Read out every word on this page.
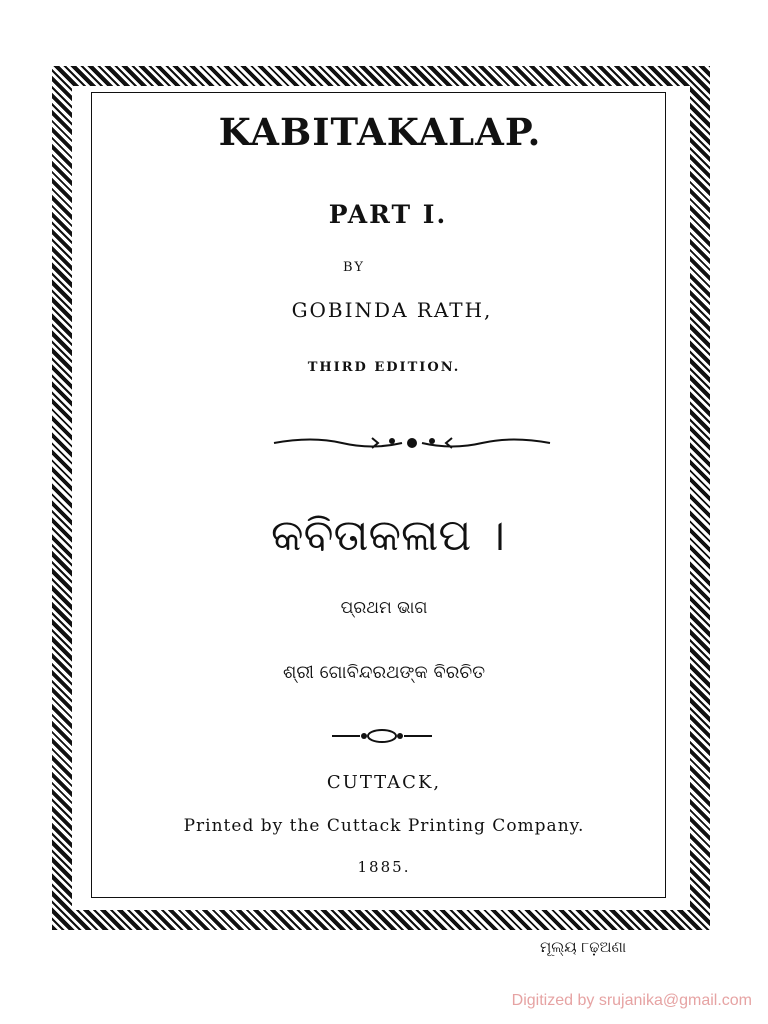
KABITAKALAP.
PART I.
BY
GOBINDA RATH,
THIRD EDITION.
କବିତାକଳାପ ।
ପ୍ରଥମ ଭାଗ
ଶ୍ରୀ ଗୋବିନ୍ଦରଥଙ୍କ ବିରଚିତ
CUTTACK,
Printed by the Cuttack Printing Company.
1885.
ମୂଲ୍ୟ ୮ଢ଼ଅଣା
Digitized by srujanika@gmail.com
